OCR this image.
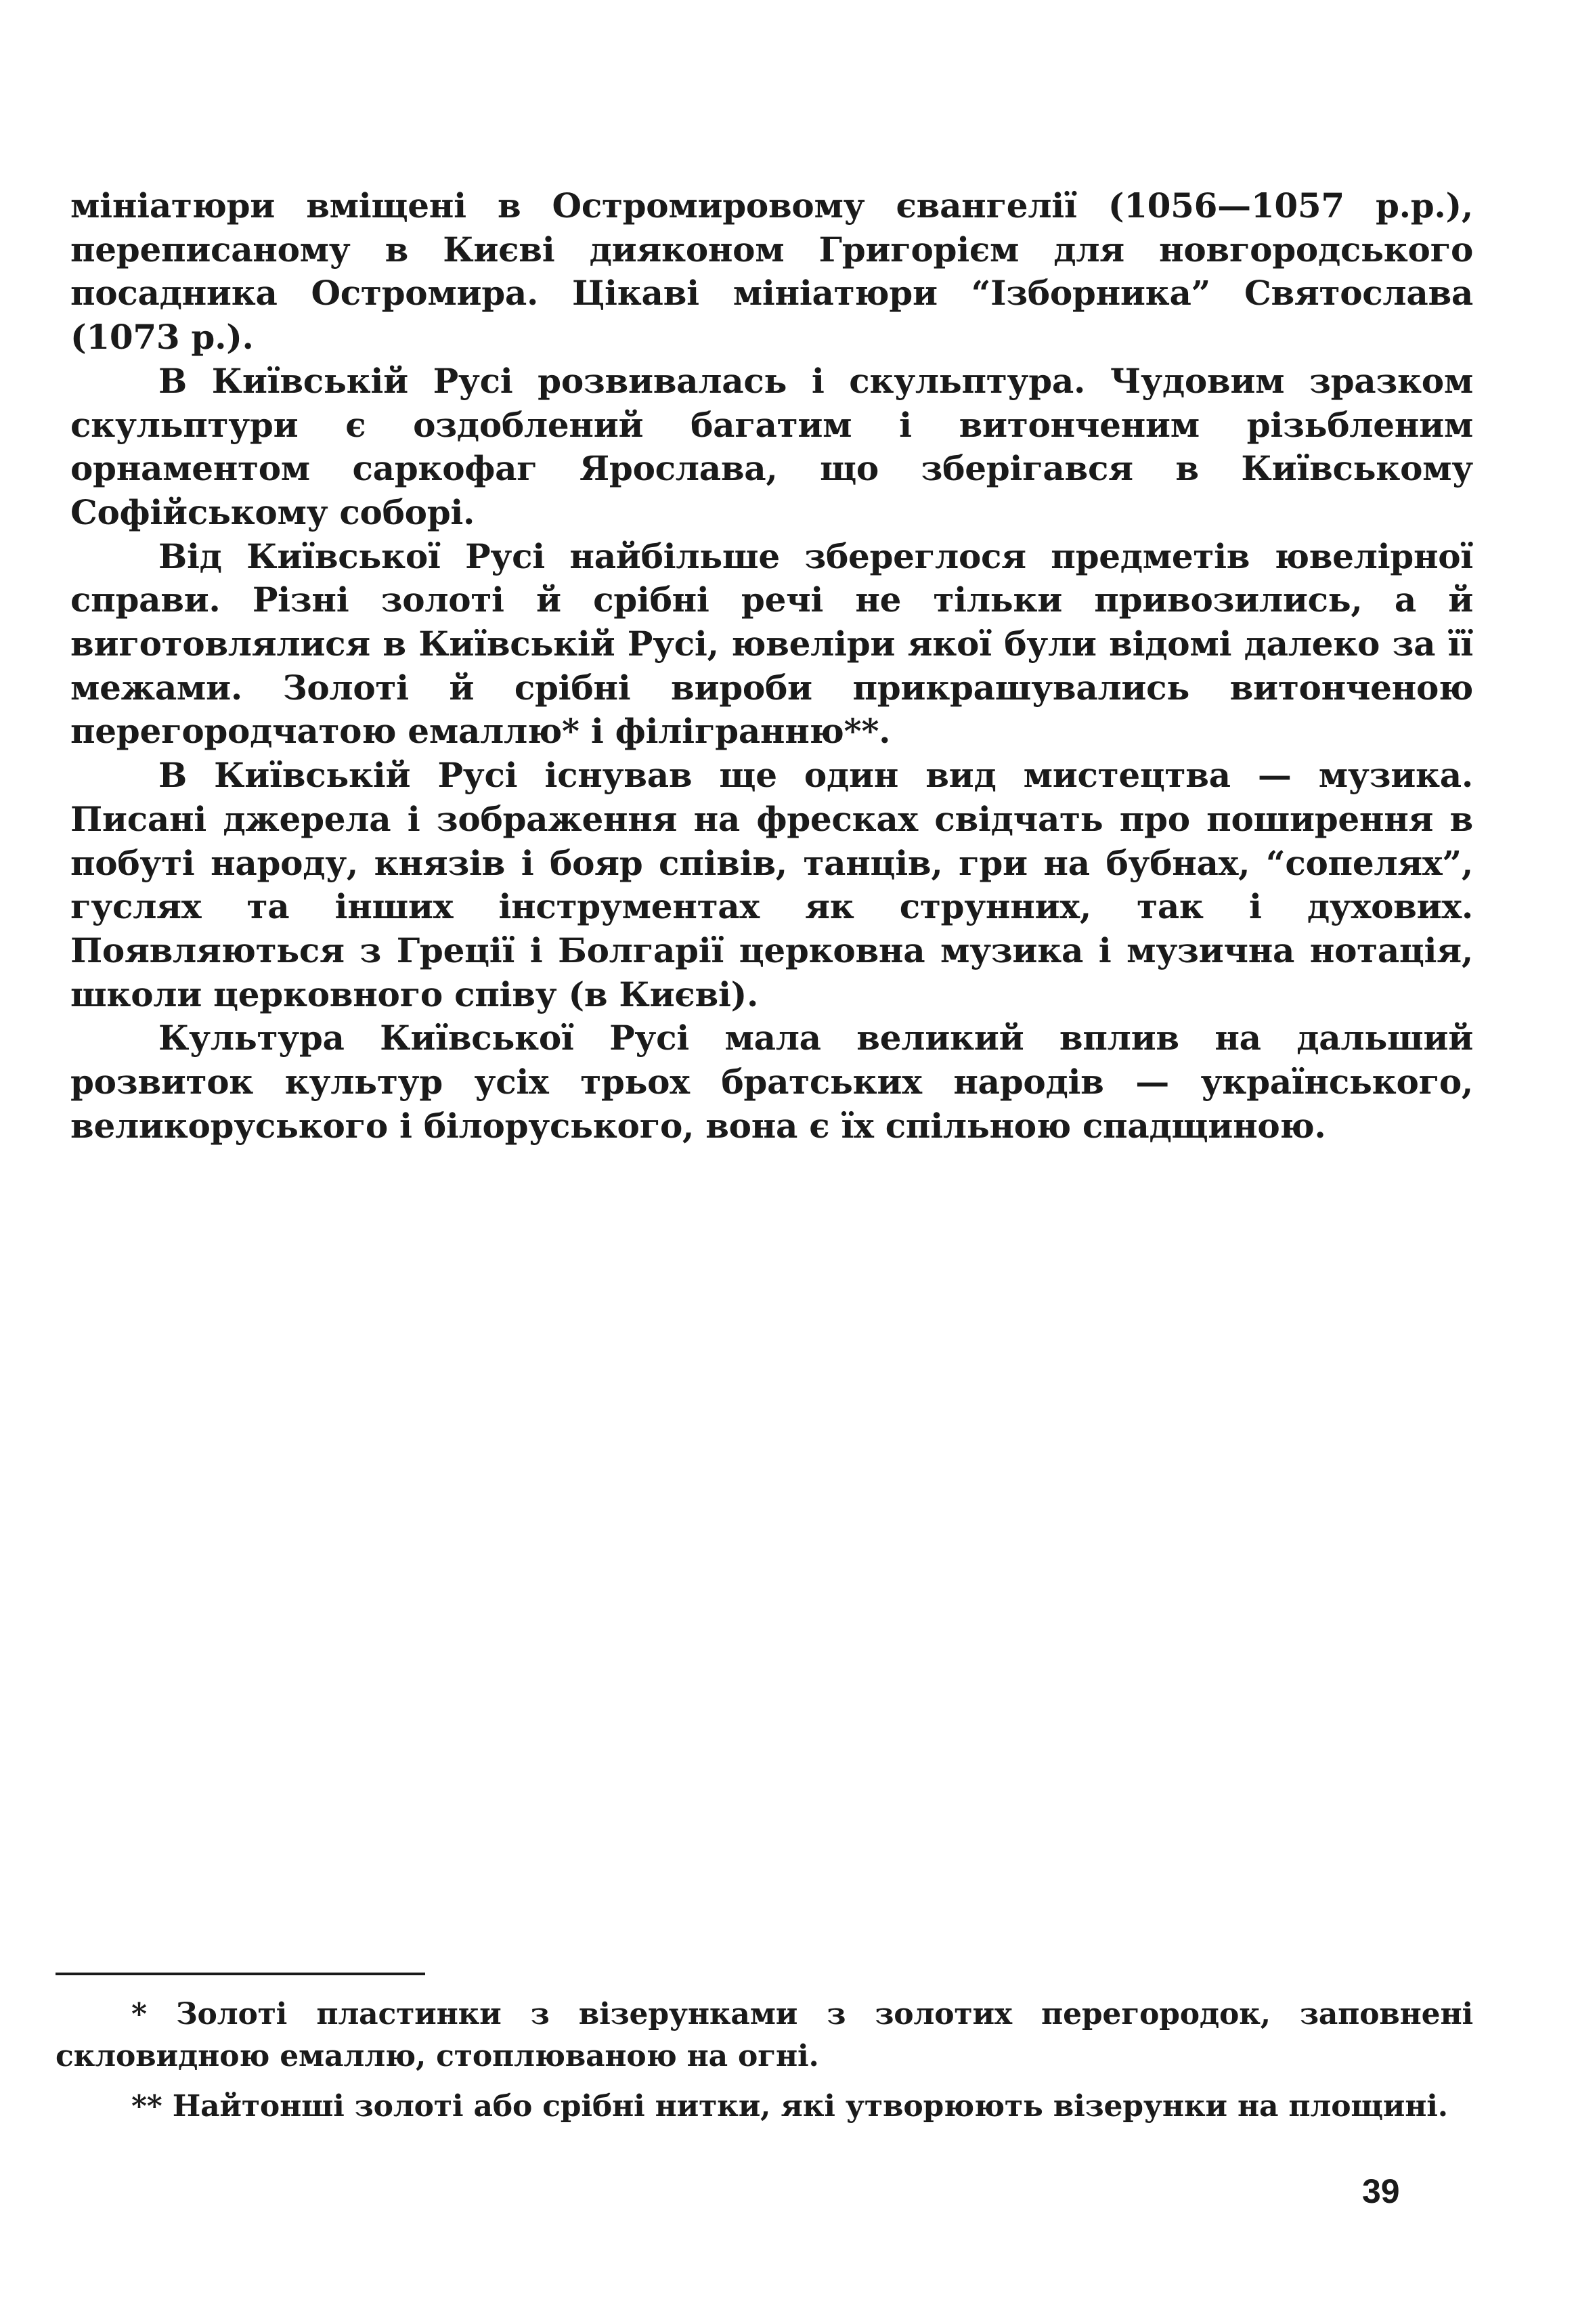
мініатюри вміщені в Остромировому євангелії (1056—1057 р.р.), переписаному в Києві дияконом Григорієм для новгородського посадника Остромира. Цікаві мініатюри “Ізборника” Святослава (1073 р.).

В Київській Русі розвивалась і скульптура. Чудовим зразком скульптури є оздоблений багатим і витонченим різьбленим орнаментом саркофаг Ярослава, що зберігався в Київському Софійському соборі.

Від Київської Русі найбільше збереглося предметів ювелірної справи. Різні золоті й срібні речі не тільки привозились, а й виготовлялися в Київській Русі, ювеліри якої були відомі далеко за її межами. Золоті й срібні вироби прикрашувались витонченою перегородчатою емаллю* і філігранню**.

В Київській Русі існував ще один вид мистецтва — музика. Писані джерела і зображення на фресках свідчать про поширення в побуті народу, князів і бояр співів, танців, гри на бубнах, “сопелях”, гуслях та інших інструментах як струнних, так і духових. Появляються з Греції і Болгарії церковна музика і музична нотація, школи церковного співу (в Києві).

Культура Київської Русі мала великий вплив на дальший розвиток культур усіх трьох братських народів — українського, великоруського і білоруського, вона є їх спільною спадщиною.

* Золоті пластинки з візерунками з золотих перегородок, заповнені скловидною емаллю, стоплюваною на огні.

** Найтонші золоті або срібні нитки, які утворюють візерунки на площині.

39
